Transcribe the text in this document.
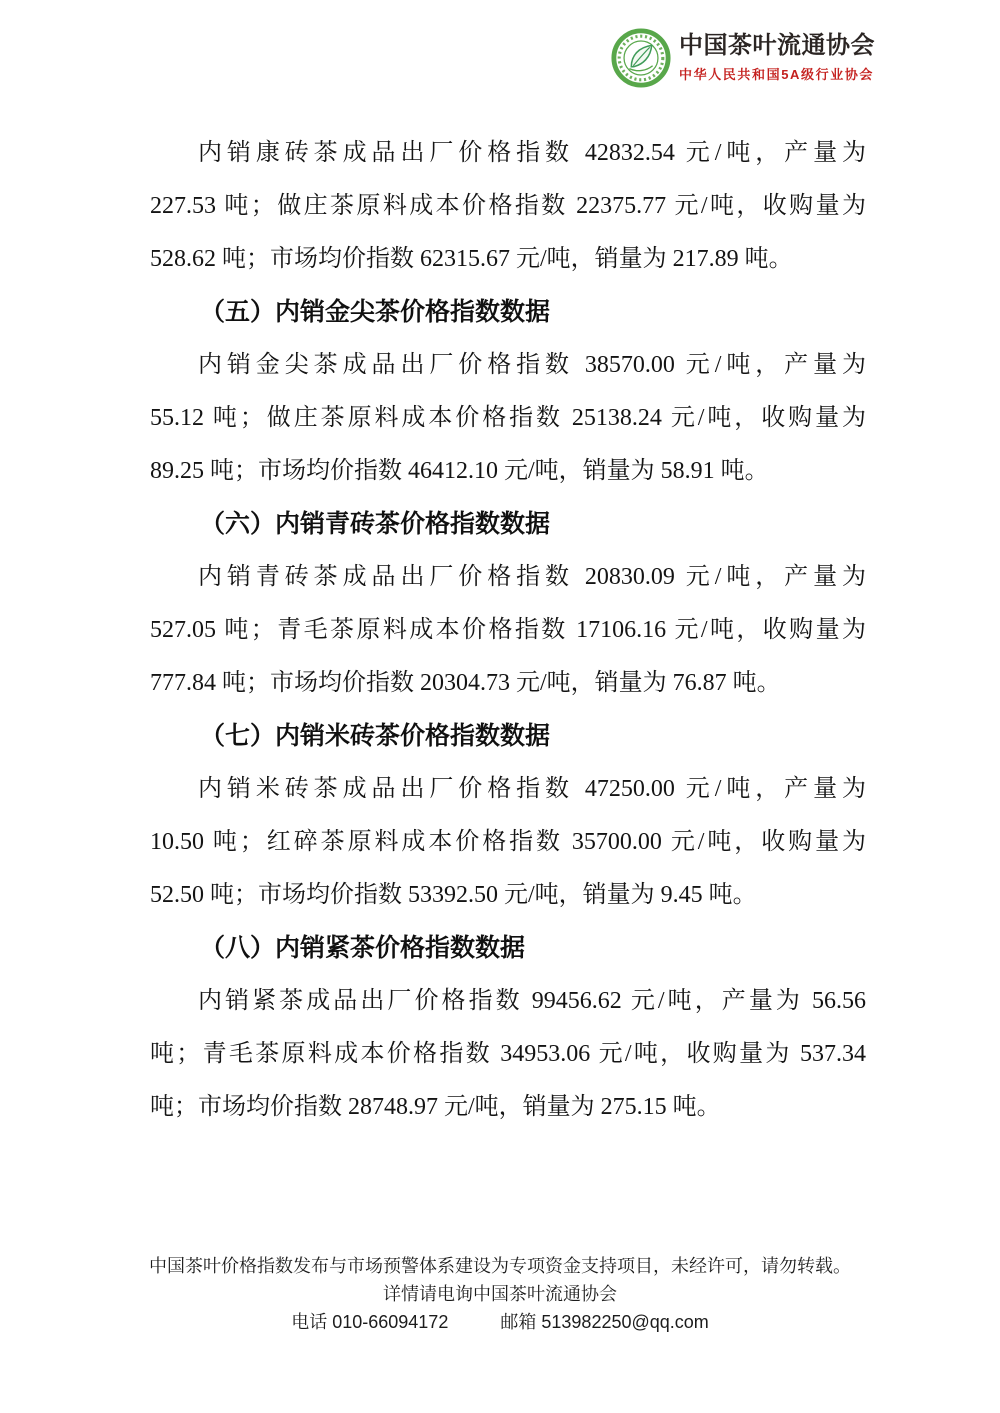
中国茶叶流通协会
中华人民共和国5A级行业协会
内销康砖茶成品出厂价格指数 42832.54 元/吨，产量为
227.53 吨；做庄茶原料成本价格指数 22375.77 元/吨，收购量为
528.62 吨；市场均价指数 62315.67 元/吨，销量为 217.89 吨。
（五）内销金尖茶价格指数数据
内销金尖茶成品出厂价格指数 38570.00 元/吨，产量为
55.12 吨；做庄茶原料成本价格指数 25138.24 元/吨，收购量为
89.25 吨；市场均价指数 46412.10 元/吨，销量为 58.91 吨。
（六）内销青砖茶价格指数数据
内销青砖茶成品出厂价格指数 20830.09 元/吨，产量为
527.05 吨；青毛茶原料成本价格指数 17106.16 元/吨，收购量为
777.84 吨；市场均价指数 20304.73 元/吨，销量为 76.87 吨。
（七）内销米砖茶价格指数数据
内销米砖茶成品出厂价格指数 47250.00 元/吨，产量为
10.50 吨；红碎茶原料成本价格指数 35700.00 元/吨，收购量为
52.50 吨；市场均价指数 53392.50 元/吨，销量为 9.45 吨。
（八）内销紧茶价格指数数据
内销紧茶成品出厂价格指数 99456.62 元/吨，产量为 56.56
吨；青毛茶原料成本价格指数 34953.06 元/吨，收购量为 537.34
吨；市场均价指数 28748.97 元/吨，销量为 275.15 吨。
中国茶叶价格指数发布与市场预警体系建设为专项资金支持项目，未经许可，请勿转载。
详情请电询中国茶叶流通协会
电话 010-66094172	邮箱 513982250@qq.com
